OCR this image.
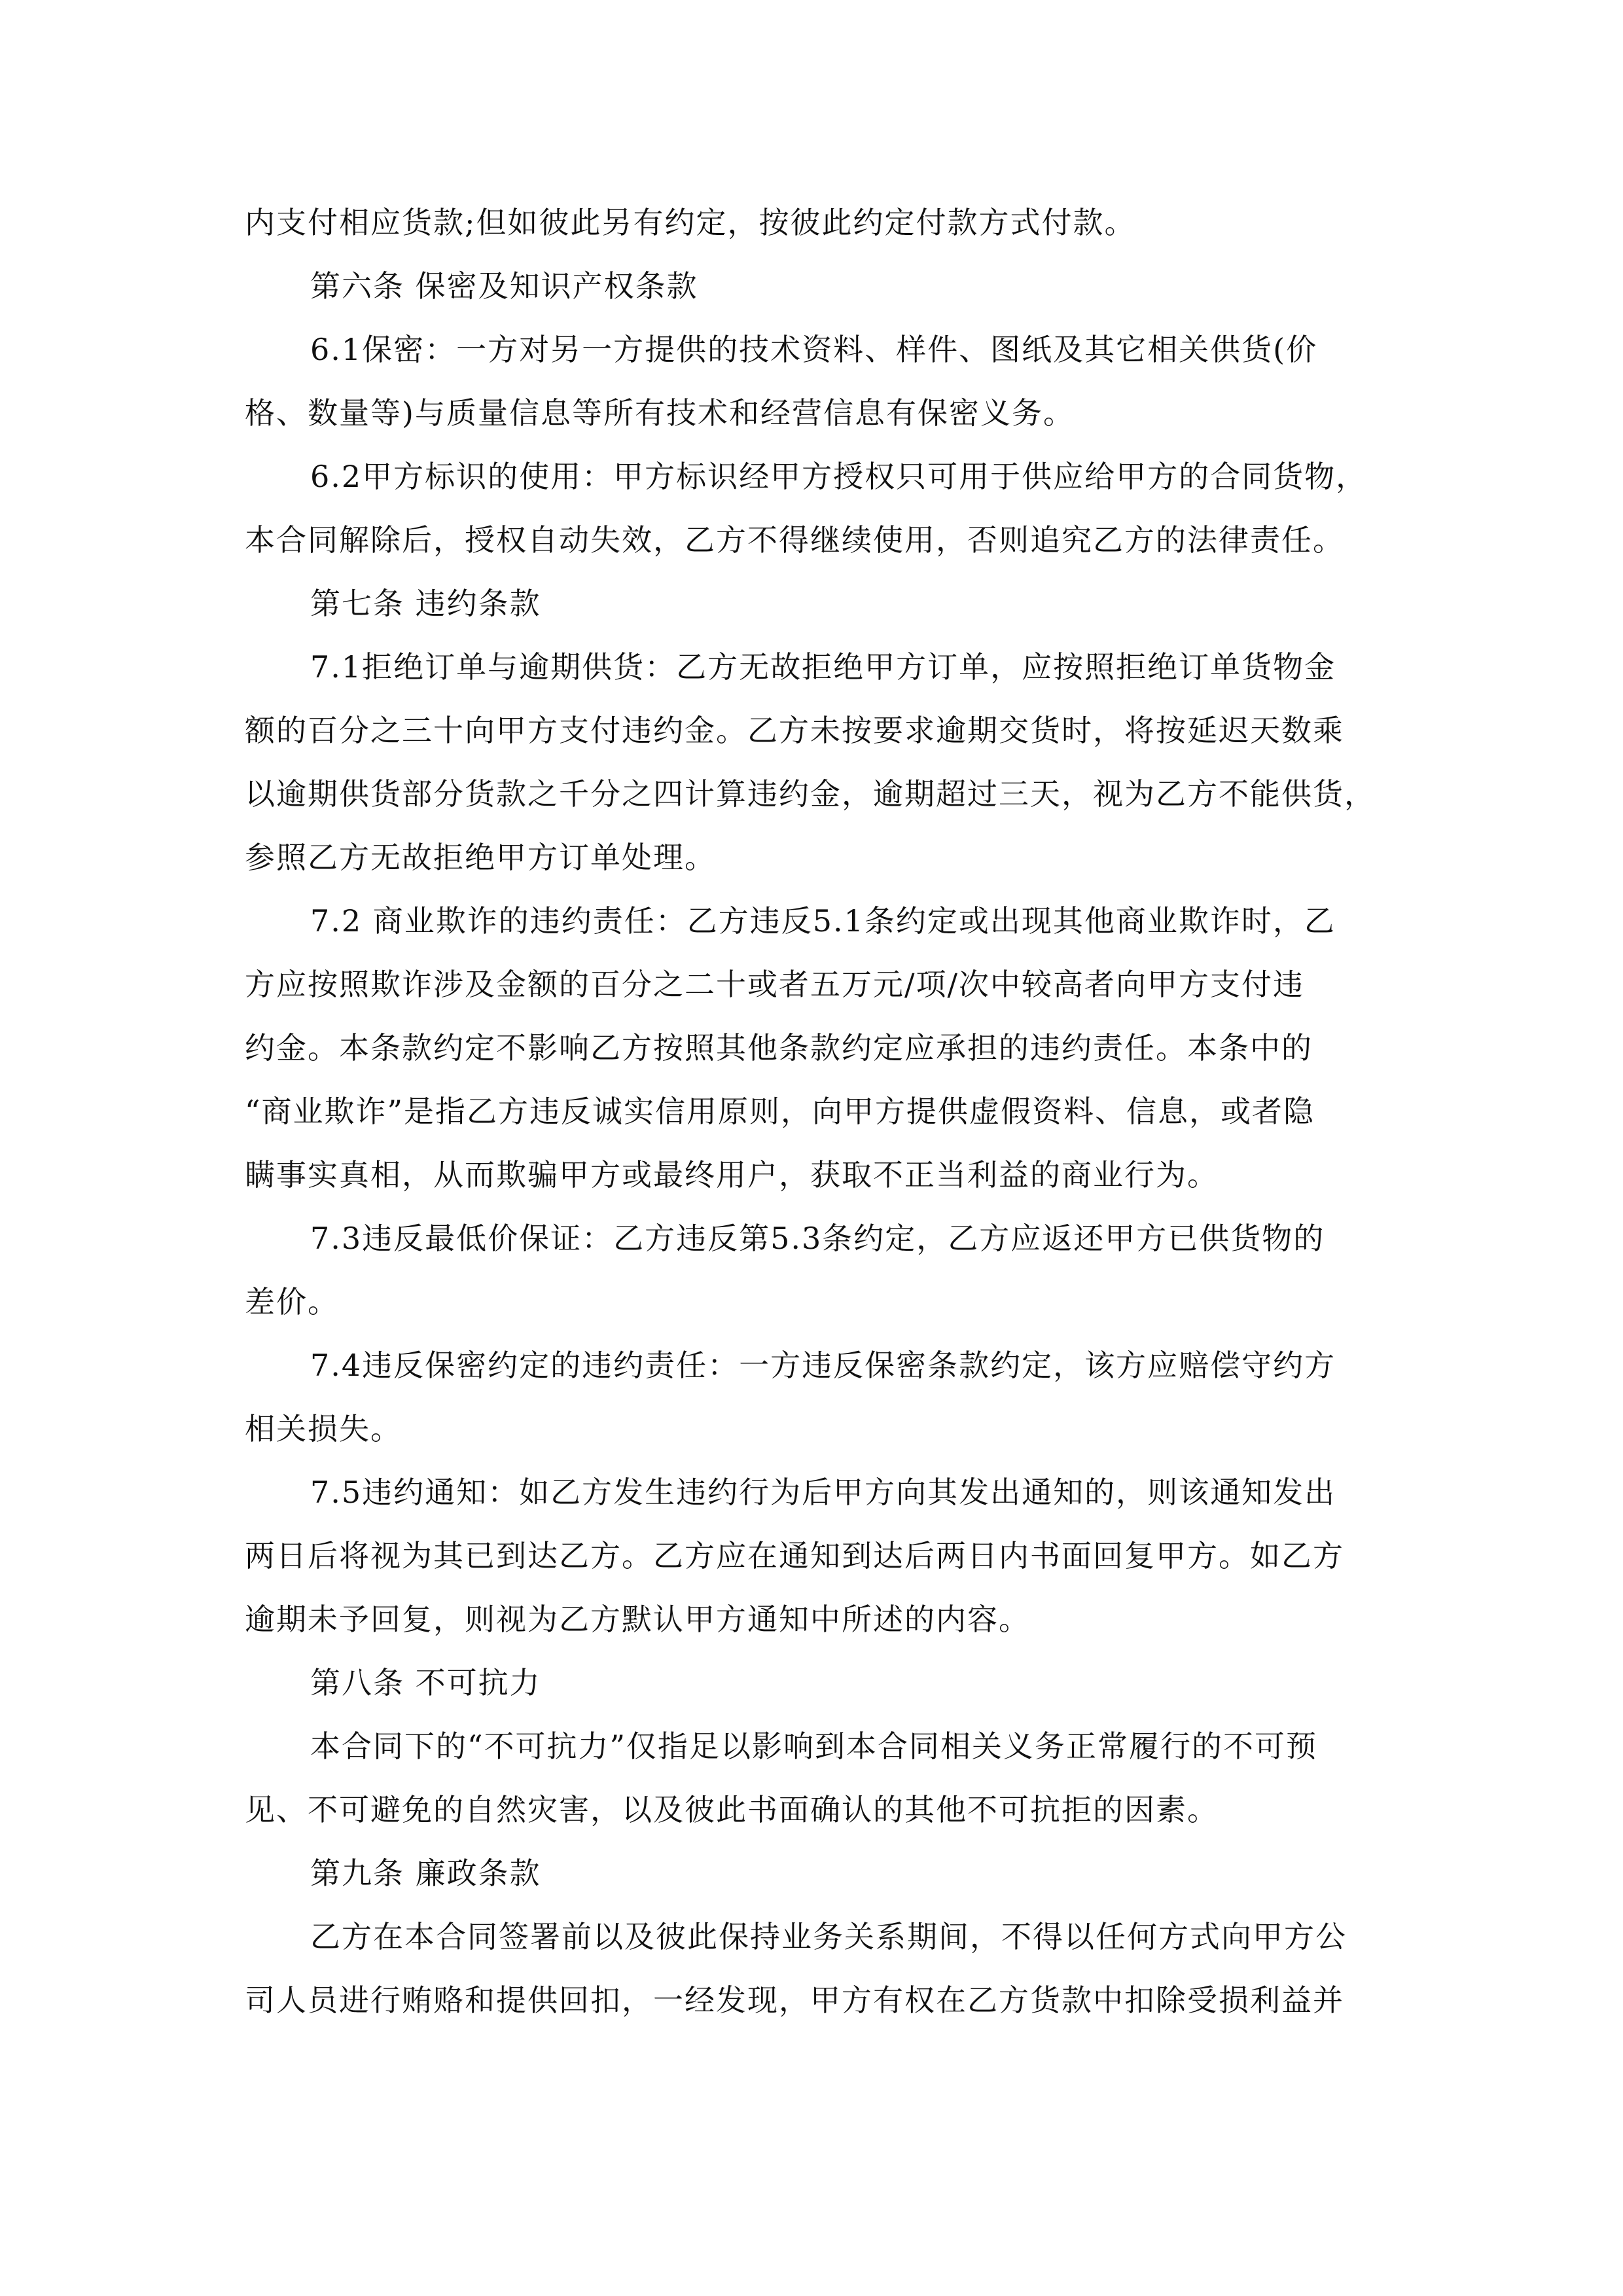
内支付相应货款;但如彼此另有约定，按彼此约定付款方式付款。
第六条 保密及知识产权条款
6.1保密：一方对另一方提供的技术资料、样件、图纸及其它相关供货(价
格、数量等)与质量信息等所有技术和经营信息有保密义务。
6.2甲方标识的使用：甲方标识经甲方授权只可用于供应给甲方的合同货物，
本合同解除后，授权自动失效，乙方不得继续使用，否则追究乙方的法律责任。
第七条 违约条款
7.1拒绝订单与逾期供货：乙方无故拒绝甲方订单，应按照拒绝订单货物金
额的百分之三十向甲方支付违约金。乙方未按要求逾期交货时，将按延迟天数乘
以逾期供货部分货款之千分之四计算违约金，逾期超过三天，视为乙方不能供货，
参照乙方无故拒绝甲方订单处理。
7.2 商业欺诈的违约责任：乙方违反5.1条约定或出现其他商业欺诈时，乙
方应按照欺诈涉及金额的百分之二十或者五万元/项/次中较高者向甲方支付违
约金。本条款约定不影响乙方按照其他条款约定应承担的违约责任。本条中的
“商业欺诈”是指乙方违反诚实信用原则，向甲方提供虚假资料、信息，或者隐
瞒事实真相，从而欺骗甲方或最终用户，获取不正当利益的商业行为。
7.3违反最低价保证：乙方违反第5.3条约定，乙方应返还甲方已供货物的
差价。
7.4违反保密约定的违约责任：一方违反保密条款约定，该方应赔偿守约方
相关损失。
7.5违约通知：如乙方发生违约行为后甲方向其发出通知的，则该通知发出
两日后将视为其已到达乙方。乙方应在通知到达后两日内书面回复甲方。如乙方
逾期未予回复，则视为乙方默认甲方通知中所述的内容。
第八条 不可抗力
本合同下的“不可抗力”仅指足以影响到本合同相关义务正常履行的不可预
见、不可避免的自然灾害，以及彼此书面确认的其他不可抗拒的因素。
第九条 廉政条款
乙方在本合同签署前以及彼此保持业务关系期间，不得以任何方式向甲方公
司人员进行贿赂和提供回扣，一经发现，甲方有权在乙方货款中扣除受损利益并
